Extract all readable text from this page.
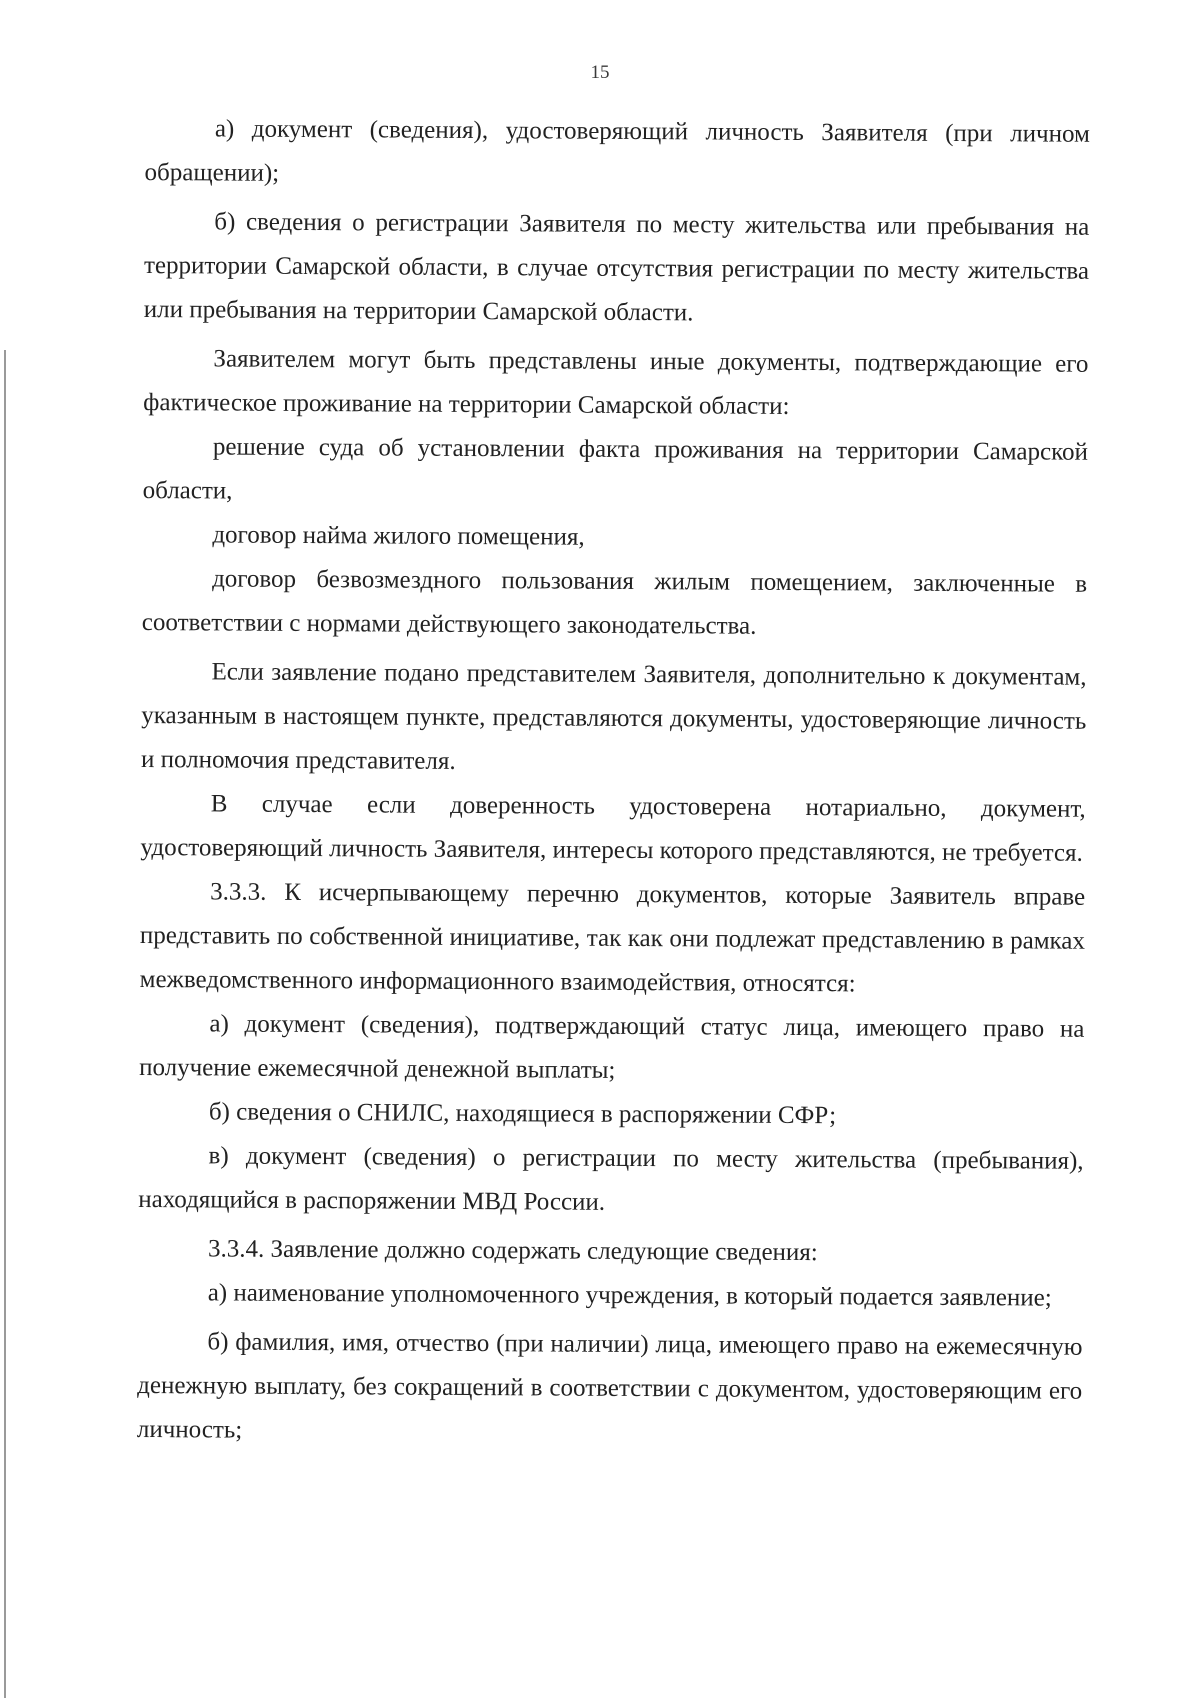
15

а) документ (сведения), удостоверяющий личность Заявителя (при личном обращении);

б) сведения о регистрации Заявителя по месту жительства или пребывания на территории Самарской области, в случае отсутствия регистрации по месту жительства или пребывания на территории Самарской области.

Заявителем могут быть представлены иные документы, подтверждающие его фактическое проживание на территории Самарской области:

решение суда об установлении факта проживания на территории Самарской области,

договор найма жилого помещения,

договор безвозмездного пользования жилым помещением, заключенные в соответствии с нормами действующего законодательства.

Если заявление подано представителем Заявителя, дополнительно к документам, указанным в настоящем пункте, представляются документы, удостоверяющие личность и полномочия представителя.

В случае если доверенность удостоверена нотариально, документ, удостоверяющий личность Заявителя, интересы которого представляются, не требуется.

3.3.3. К исчерпывающему перечню документов, которые Заявитель вправе представить по собственной инициативе, так как они подлежат представлению в рамках межведомственного информационного взаимодействия, относятся:

а) документ (сведения), подтверждающий статус лица, имеющего право на получение ежемесячной денежной выплаты;

б) сведения о СНИЛС, находящиеся в распоряжении СФР;

в) документ (сведения) о регистрации по месту жительства (пребывания), находящийся в распоряжении МВД России.

3.3.4. Заявление должно содержать следующие сведения:

а) наименование уполномоченного учреждения, в который подается заявление;

б) фамилия, имя, отчество (при наличии) лица, имеющего право на ежемесячную денежную выплату, без сокращений в соответствии с документом, удостоверяющим его личность;
